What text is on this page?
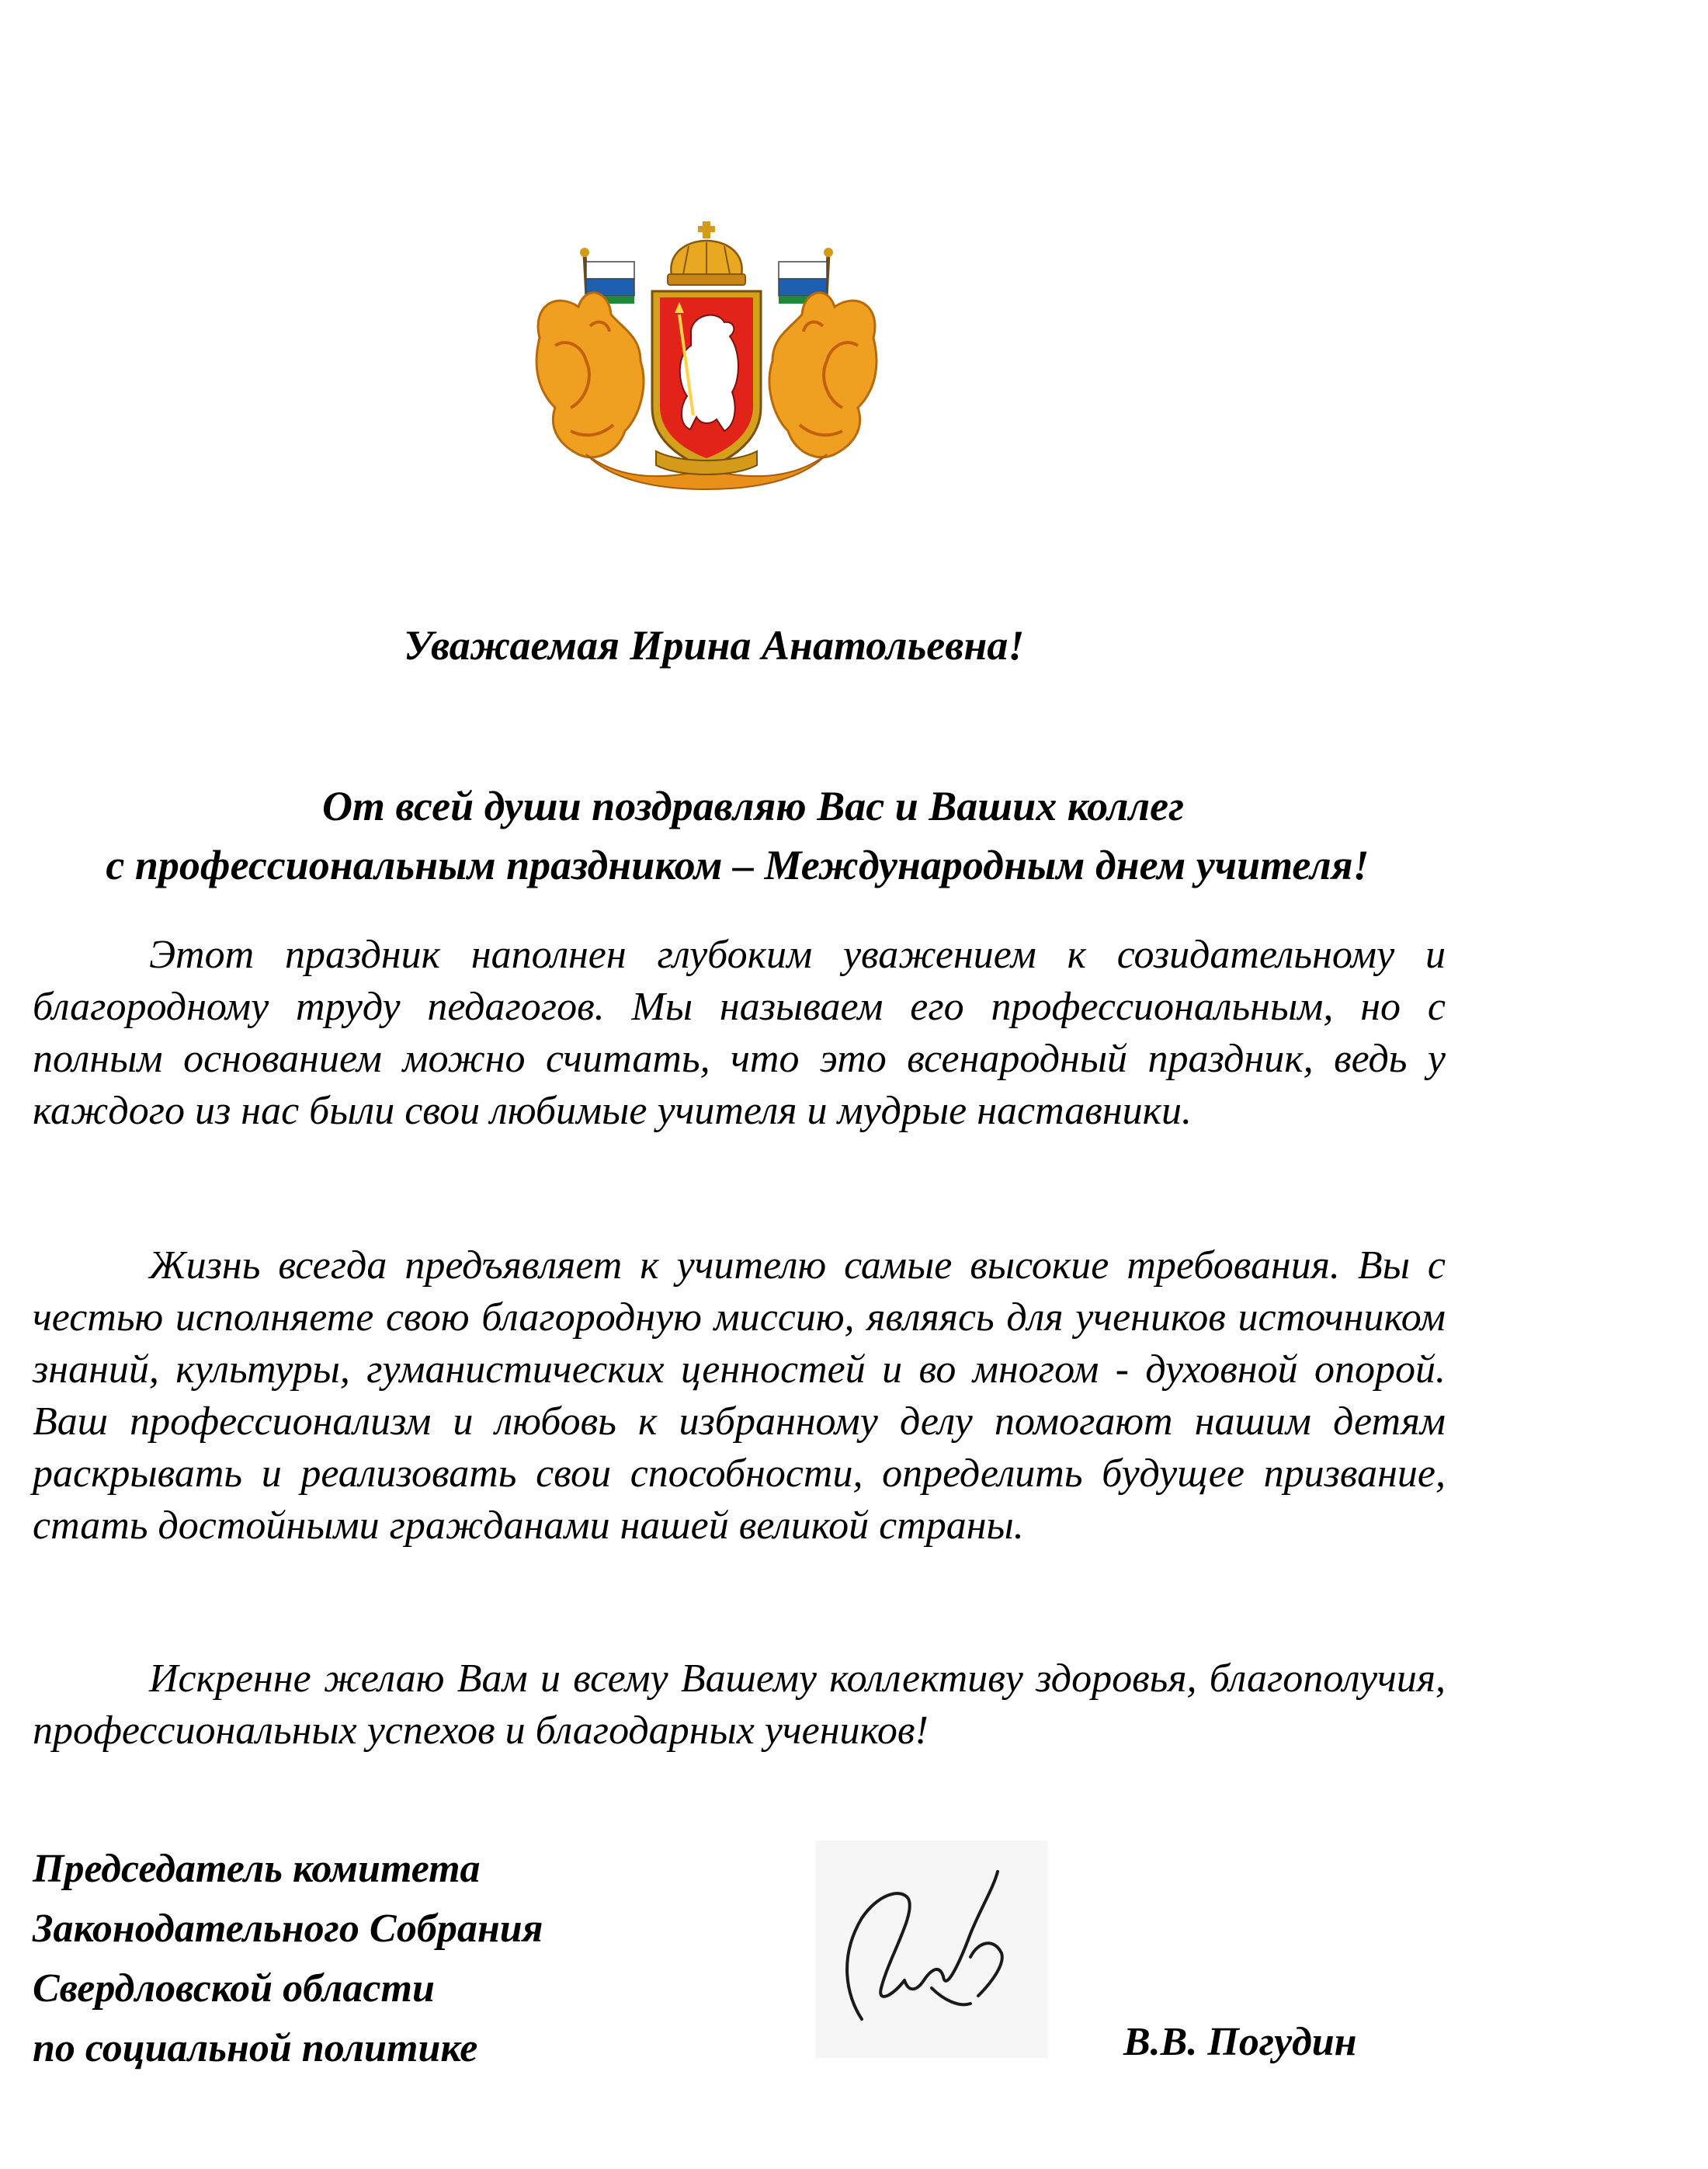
Уважаемая Ирина Анатольевна!
От всей души поздравляю Вас и Ваших коллег
с профессиональным праздником – Международным днем учителя!
Этот праздник наполнен глубоким уважением к созидательному и благородному труду педагогов. Мы называем его профессиональным, но с полным основанием можно считать, что это всенародный праздник, ведь у каждого из нас были свои любимые учителя и мудрые наставники.
Жизнь всегда предъявляет к учителю самые высокие требования. Вы с честью исполняете свою благородную миссию, являясь для учеников источником знаний, культуры, гуманистических ценностей и во многом - духовной опорой. Ваш профессионализм и любовь к избранному делу помогают нашим детям раскрывать и реализовать свои способности, определить будущее призвание, стать достойными гражданами нашей великой страны.
Искренне желаю Вам и всему Вашему коллективу здоровья, благополучия, профессиональных успехов и благодарных учеников!
Председатель комитета
Законодательного Собрания
Свердловской области
по социальной политике	В.В. Погудин
